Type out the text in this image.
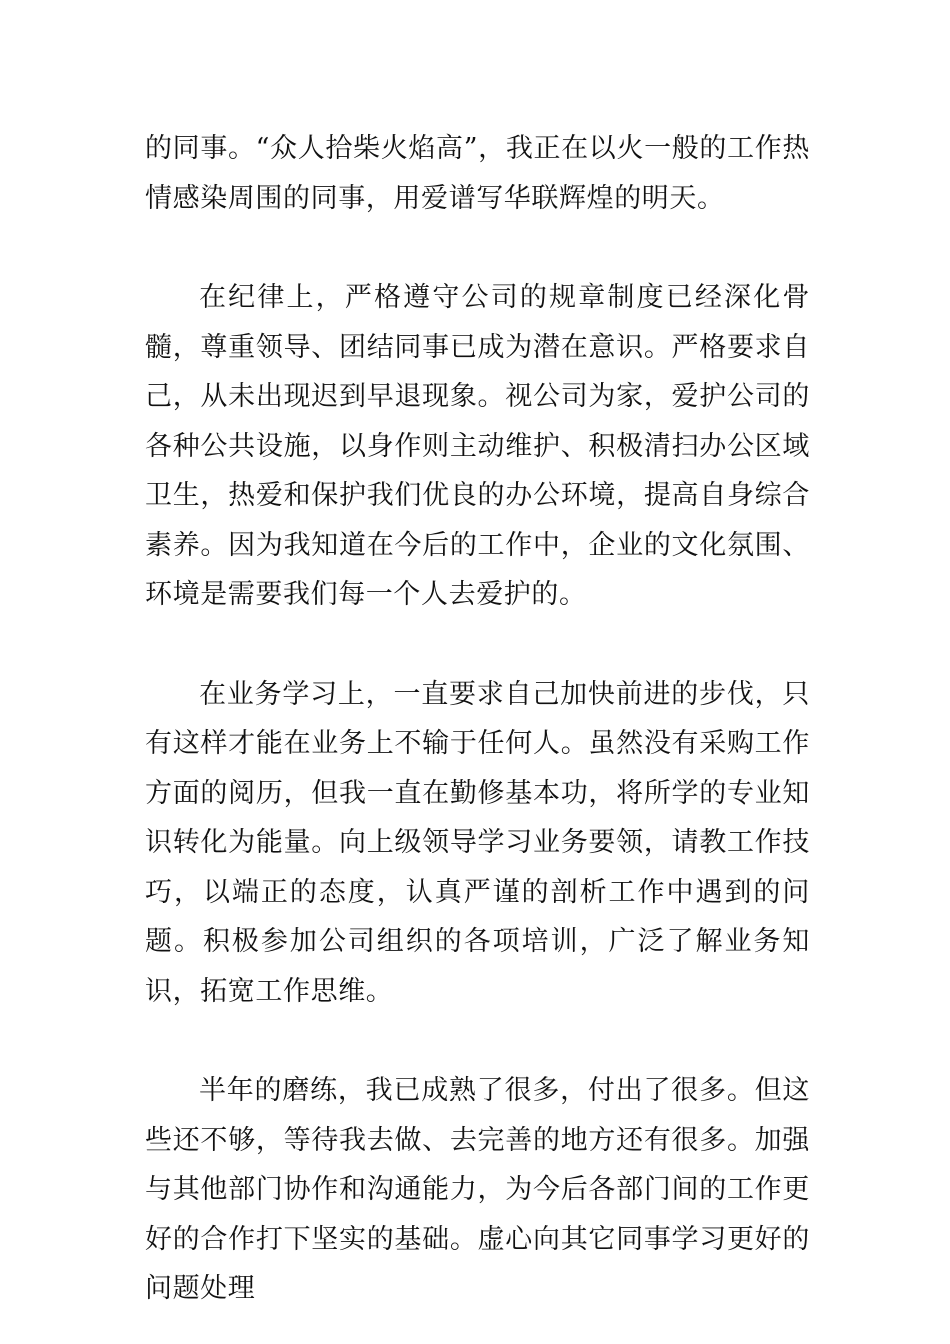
的同事。“众人拾柴火焰高”，我正在以火一般的工作热情感染周围的同事，用爱谱写华联辉煌的明天。

在纪律上，严格遵守公司的规章制度已经深化骨髓，尊重领导、团结同事已成为潜在意识。严格要求自己，从未出现迟到早退现象。视公司为家，爱护公司的各种公共设施，以身作则主动维护、积极清扫办公区域卫生，热爱和保护我们优良的办公环境，提高自身综合素养。因为我知道在今后的工作中，企业的文化氛围、环境是需要我们每一个人去爱护的。

在业务学习上，一直要求自己加快前进的步伐，只有这样才能在业务上不输于任何人。虽然没有采购工作方面的阅历，但我一直在勤修基本功，将所学的专业知识转化为能量。向上级领导学习业务要领，请教工作技巧，以端正的态度，认真严谨的剖析工作中遇到的问题。积极参加公司组织的各项培训，广泛了解业务知识，拓宽工作思维。

半年的磨练，我已成熟了很多，付出了很多。但这些还不够，等待我去做、去完善的地方还有很多。加强与其他部门协作和沟通能力，为今后各部门间的工作更好的合作打下坚实的基础。虚心向其它同事学习更好的问题处理
